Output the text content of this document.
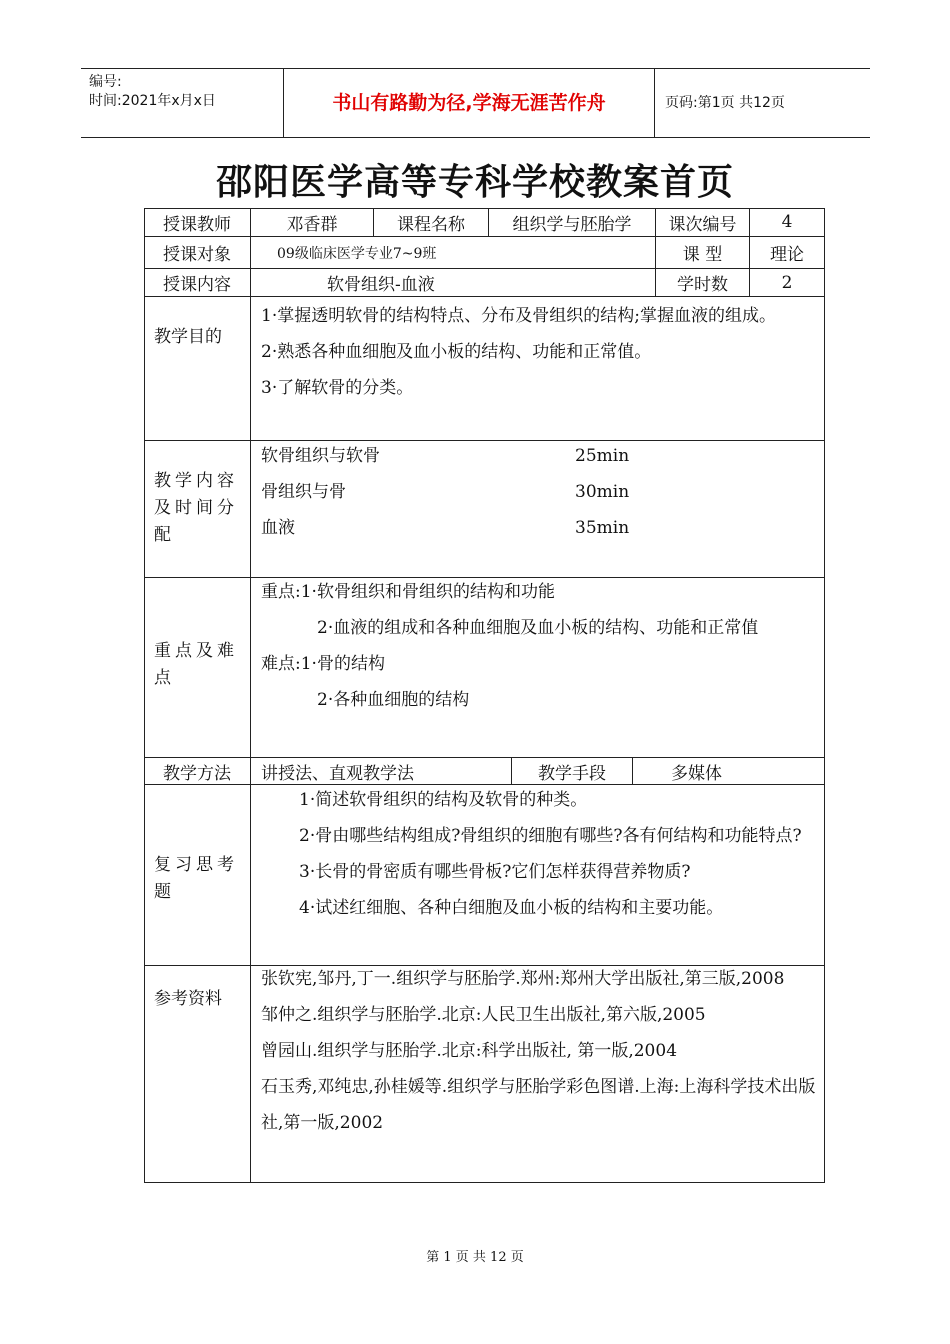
编号:
时间:2021年x月x日	书山有路勤为径,学海无涯苦作舟	页码:第1页 共12页
邵阳医学高等专科学校教案首页
授课教师	邓香群	课程名称	组织学与胚胎学	课次编号	4
授课对象	09级临床医学专业7~9班	课 型	理论
授课内容	软骨组织-血液	学时数	2
教学目的

1·掌握透明软骨的结构特点、分布及骨组织的结构;掌握血液的组成。

2·熟悉各种血细胞及血小板的结构、功能和正常值。

3·了解软骨的分类。

教学内容及时间分配

软骨组织与软骨	25min

骨组织与骨	30min

血液	35min

重点及难点

重点:1·软骨组织和骨组织的结构和功能

2·血液的组成和各种血细胞及血小板的结构、功能和正常值

难点:1·骨的结构

2·各种血细胞的结构

教学方法	讲授法、直观教学法	教学手段	多媒体
复习思考题

1·简述软骨组织的结构及软骨的种类。

2·骨由哪些结构组成?骨组织的细胞有哪些?各有何结构和功能特点?

3·长骨的骨密质有哪些骨板?它们怎样获得营养物质?

4·试述红细胞、各种白细胞及血小板的结构和主要功能。

参考资料

张钦宪,邹丹,丁一.组织学与胚胎学.郑州:郑州大学出版社,第三版,2008

邹仲之.组织学与胚胎学.北京:人民卫生出版社,第六版,2005

曾园山.组织学与胚胎学.北京:科学出版社, 第一版,2004

石玉秀,邓纯忠,孙桂媛等.组织学与胚胎学彩色图谱.上海:上海科学技术出版社,第一版,2002

第 1 页 共 12 页
